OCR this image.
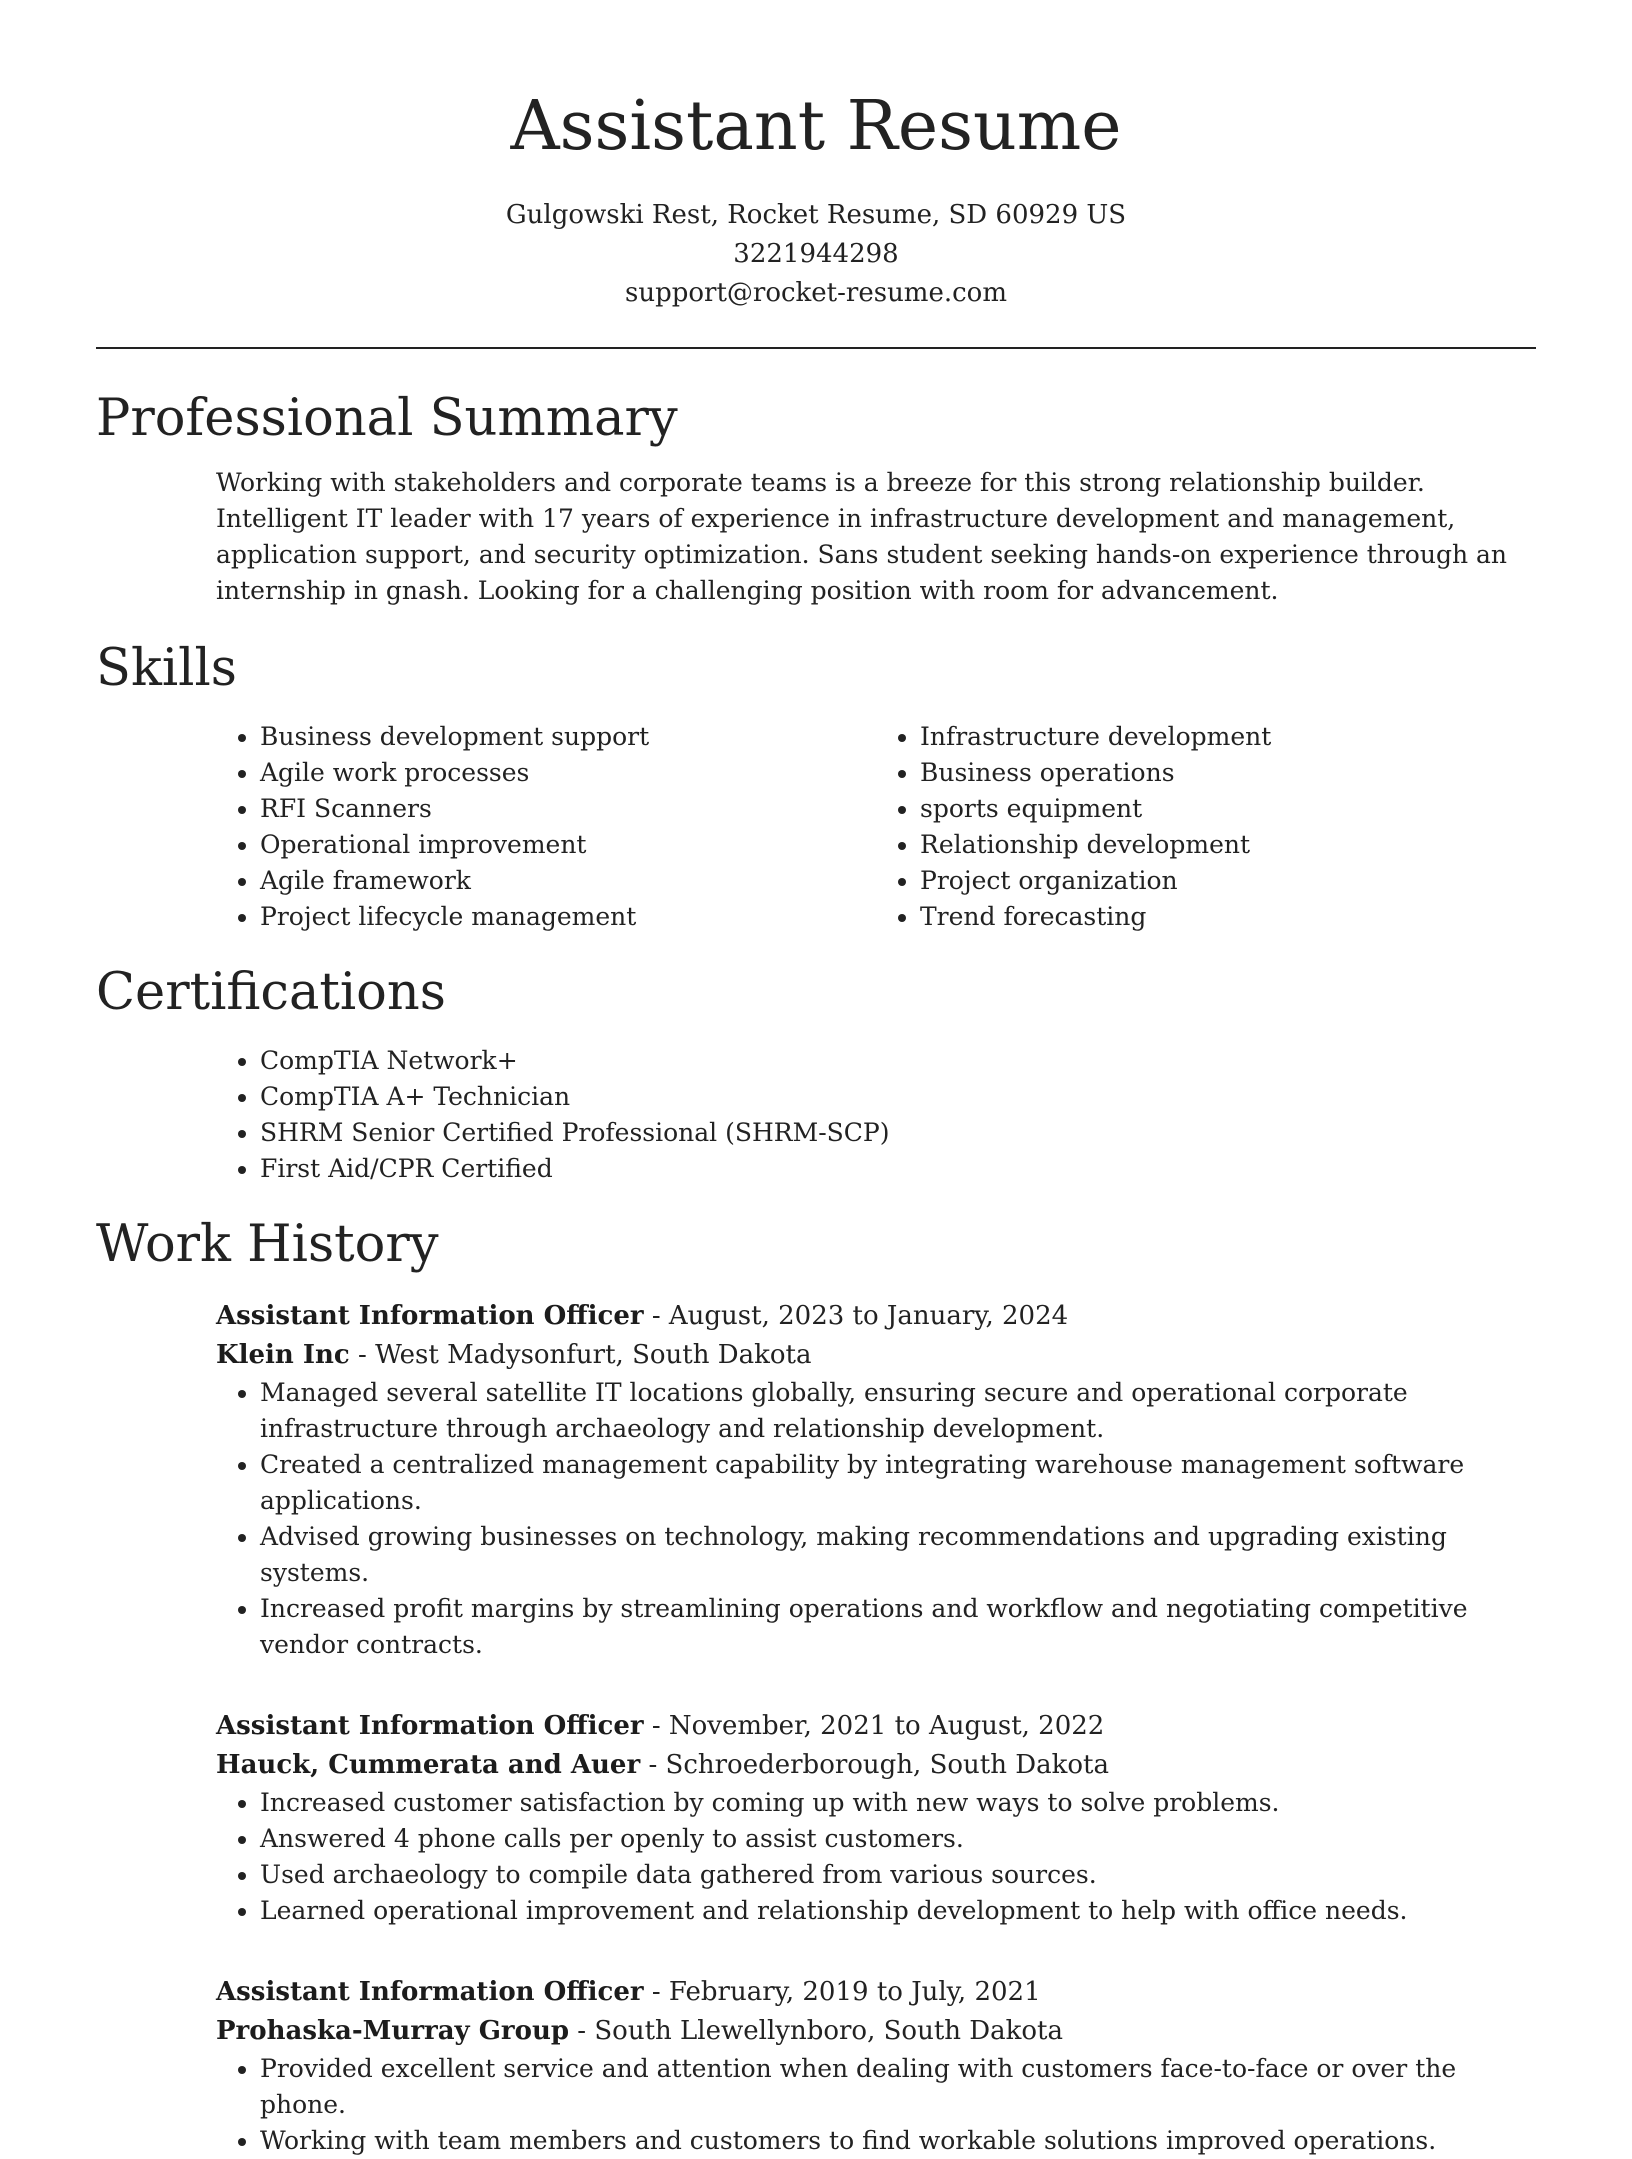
Assistant Resume
Gulgowski Rest, Rocket Resume, SD 60929 US
3221944298
support@rocket-resume.com
Professional Summary

Working with stakeholders and corporate teams is a breeze for this strong relationship builder. Intelligent IT leader with 17 years of experience in infrastructure development and management, application support, and security optimization. Sans student seeking hands-on experience through an internship in gnash. Looking for a challenging position with room for advancement.

Skills
• Business development support
• Agile work processes
• RFI Scanners
• Operational improvement
• Agile framework
• Project lifecycle management
• Infrastructure development
• Business operations
• sports equipment
• Relationship development
• Project organization
• Trend forecasting
Certifications
• CompTIA Network+
• CompTIA A+ Technician
• SHRM Senior Certified Professional (SHRM-SCP)
• First Aid/CPR Certified
Work History
Assistant Information Officer - August, 2023 to January, 2024
Klein Inc - West Madysonfurt, South Dakota
• Managed several satellite IT locations globally, ensuring secure and operational corporate infrastructure through archaeology and relationship development.
• Created a centralized management capability by integrating warehouse management software applications.
• Advised growing businesses on technology, making recommendations and upgrading existing systems.
• Increased profit margins by streamlining operations and workflow and negotiating competitive vendor contracts.
Assistant Information Officer - November, 2021 to August, 2022
Hauck, Cummerata and Auer - Schroederborough, South Dakota
• Increased customer satisfaction by coming up with new ways to solve problems.
• Answered 4 phone calls per openly to assist customers.
• Used archaeology to compile data gathered from various sources.
• Learned operational improvement and relationship development to help with office needs.
Assistant Information Officer - February, 2019 to July, 2021
Prohaska-Murray Group - South Llewellynboro, South Dakota
• Provided excellent service and attention when dealing with customers face-to-face or over the phone.
• Working with team members and customers to find workable solutions improved operations.
